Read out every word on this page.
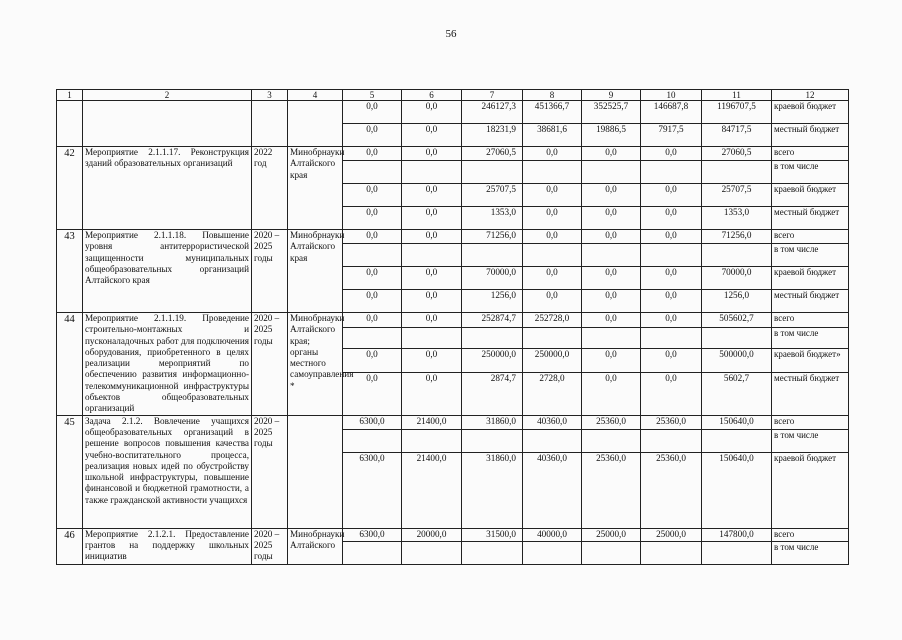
56
1	2	3	4	5	6	7	8	9	10	11	12
				0,0	0,0	246127,3	451366,7	352525,7	146687,8	1196707,5	краевой бюджет
				0,0	0,0	18231,9	38681,6	19886,5	7917,5	84717,5	местный бюджет
42	Мероприятие 2.1.1.17. Реконструкция зданий образовательных организаций	2022 год	Минобрнауки Алтайского края	0,0	0,0	27060,5	0,0	0,0	0,0	27060,5	всего
											в том числе
				0,0	0,0	25707,5	0,0	0,0	0,0	25707,5	краевой бюджет
				0,0	0,0	1353,0	0,0	0,0	0,0	1353,0	местный бюджет
43	Мероприятие 2.1.1.18. Повышение уровня антитеррористической защищенности муниципальных общеобразовательных организаций Алтайского края	2020 – 2025 годы	Минобрнауки Алтайского края	0,0	0,0	71256,0	0,0	0,0	0,0	71256,0	всего
											в том числе
				0,0	0,0	70000,0	0,0	0,0	0,0	70000,0	краевой бюджет
				0,0	0,0	1256,0	0,0	0,0	0,0	1256,0	местный бюджет
44	Мероприятие 2.1.1.19. Проведение строительно-монтажных и пусконаладочных работ для подключения оборудования, приобретенного в целях реализации мероприятий по обеспечению развития информационно-телекоммуникационной инфраструктуры объектов общеобразовательных организаций	2020 – 2025 годы	Минобрнауки Алтайского края; органы местного самоуправления *	0,0	0,0	252874,7	252728,0	0,0	0,0	505602,7	всего
											в том числе
				0,0	0,0	250000,0	250000,0	0,0	0,0	500000,0	краевой бюджет»
				0,0	0,0	2874,7	2728,0	0,0	0,0	5602,7	местный бюджет
45	Задача 2.1.2. Вовлечение учащихся общеобразовательных организаций в решение вопросов повышения качества учебно-воспитательного процесса, реализация новых идей по обустройству школьной инфраструктуры, повышение финансовой и бюджетной грамотности, а также гражданской активности учащихся	2020 – 2025 годы		6300,0	21400,0	31860,0	40360,0	25360,0	25360,0	150640,0	всего
											в том числе
				6300,0	21400,0	31860,0	40360,0	25360,0	25360,0	150640,0	краевой бюджет
46	Мероприятие 2.1.2.1. Предоставление грантов на поддержку школьных инициатив	2020 – 2025 годы	Минобрнауки Алтайского	6300,0	20000,0	31500,0	40000,0	25000,0	25000,0	147800,0	всего
											в том числе
